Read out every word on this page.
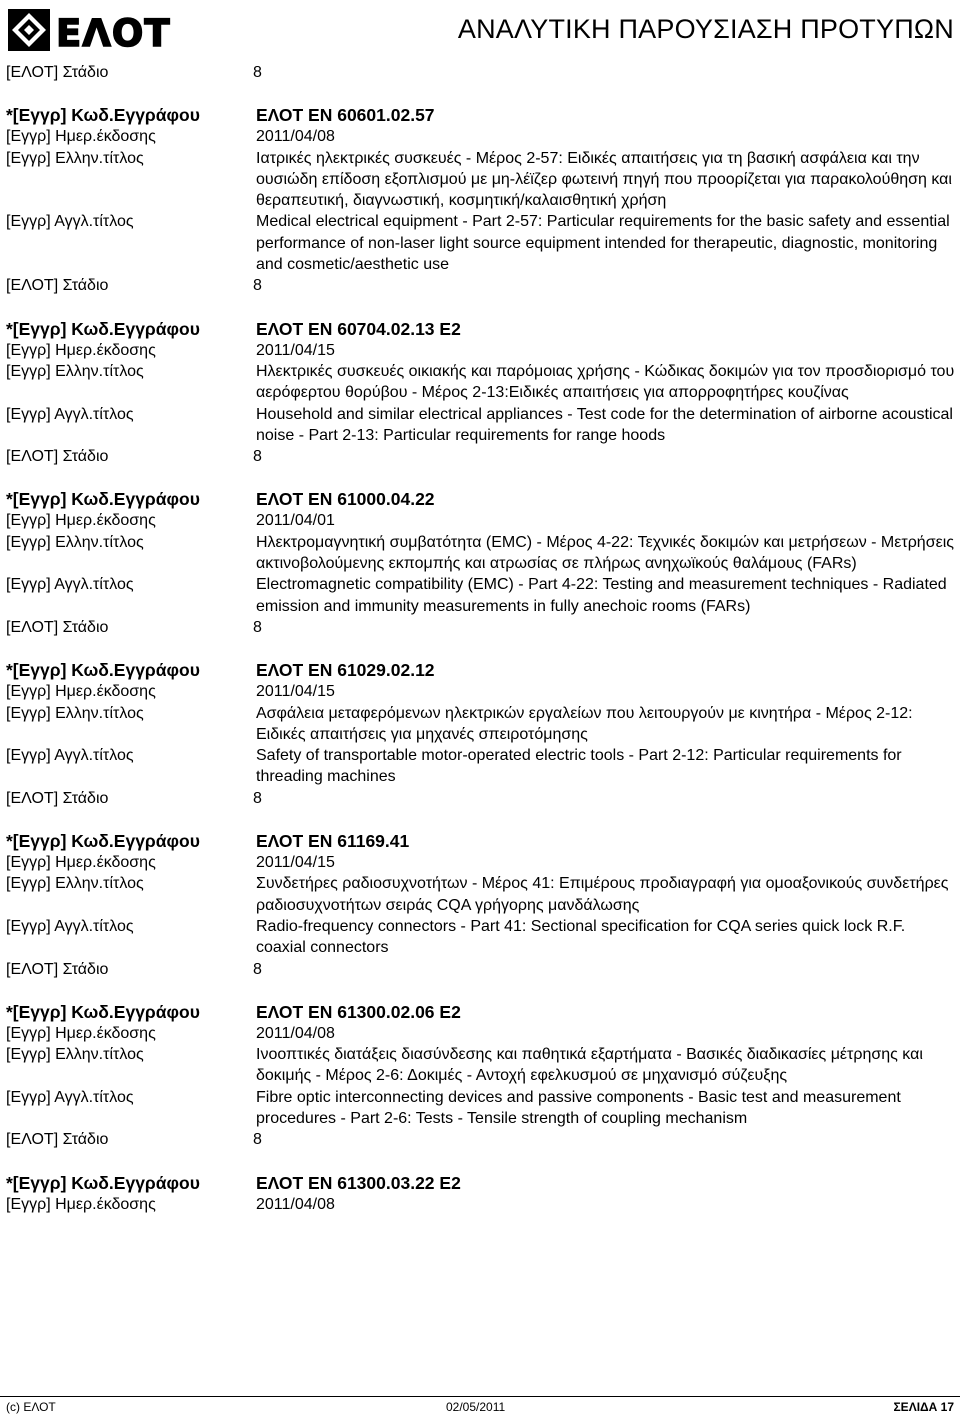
ΕΛΟΤ	ΑΝΑΛΥΤΙΚΗ ΠΑΡΟΥΣΙΑΣΗ ΠΡΟΤΥΠΩΝ
[ΕΛΟΤ] Στάδιο	8
*[Εγγρ] Κωδ.Εγγράφου	ΕΛΟΤ EN 60601.02.57
[Εγγρ] Ημερ.έκδοσης	2011/04/08
[Εγγρ] Ελλην.τίτλος	Ιατρικές ηλεκτρικές συσκευές - Μέρος 2-57: Ειδικές απαιτήσεις για τη βασική ασφάλεια και την ουσιώδη επίδοση εξοπλισμού με μη-λέϊζερ φωτεινή πηγή που προορίζεται για παρακολούθηση και θεραπευτική, διαγνωστική, κοσμητική/καλαισθητική χρήση
[Εγγρ] Αγγλ.τίτλος	Medical electrical equipment - Part 2-57: Particular requirements for the basic safety and essential performance of non-laser light source equipment intended for therapeutic, diagnostic, monitoring and cosmetic/aesthetic use
[ΕΛΟΤ] Στάδιο	8
*[Εγγρ] Κωδ.Εγγράφου	ΕΛΟΤ EN 60704.02.13 E2
[Εγγρ] Ημερ.έκδοσης	2011/04/15
[Εγγρ] Ελλην.τίτλος	Ηλεκτρικές συσκευές οικιακής και παρόμοιας χρήσης - Κώδικας δοκιμών για τον προσδιορισμό του αερόφερτου θορύβου - Μέρος 2-13:Ειδικές απαιτήσεις για απορροφητήρες κουζίνας
[Εγγρ] Αγγλ.τίτλος	Household and similar electrical appliances - Test code for the determination of airborne acoustical noise - Part 2-13: Particular requirements for range hoods
[ΕΛΟΤ] Στάδιο	8
*[Εγγρ] Κωδ.Εγγράφου	ΕΛΟΤ EN 61000.04.22
[Εγγρ] Ημερ.έκδοσης	2011/04/01
[Εγγρ] Ελλην.τίτλος	Ηλεκτρομαγνητική συμβατότητα (EMC) - Μέρος 4-22: Τεχνικές δοκιμών και μετρήσεων - Μετρήσεις ακτινοβολούμενης εκπομπής και ατρωσίας σε πλήρως ανηχωϊκούς θαλάμους (FARs)
[Εγγρ] Αγγλ.τίτλος	Electromagnetic compatibility (EMC) - Part 4-22: Testing and measurement techniques - Radiated emission and immunity measurements in fully anechoic rooms (FARs)
[ΕΛΟΤ] Στάδιο	8
*[Εγγρ] Κωδ.Εγγράφου	ΕΛΟΤ EN 61029.02.12
[Εγγρ] Ημερ.έκδοσης	2011/04/15
[Εγγρ] Ελλην.τίτλος	Ασφάλεια μεταφερόμενων ηλεκτρικών εργαλείων που λειτουργούν με κινητήρα - Μέρος 2-12: Ειδικές απαιτήσεις για μηχανές σπειροτόμησης
[Εγγρ] Αγγλ.τίτλος	Safety of transportable motor-operated electric tools - Part 2-12: Particular requirements for threading machines
[ΕΛΟΤ] Στάδιο	8
*[Εγγρ] Κωδ.Εγγράφου	ΕΛΟΤ EN 61169.41
[Εγγρ] Ημερ.έκδοσης	2011/04/15
[Εγγρ] Ελλην.τίτλος	Συνδετήρες ραδιοσυχνοτήτων - Μέρος 41: Επιμέρους προδιαγραφή για ομοαξονικούς συνδετήρες ραδιοσυχνοτήτων σειράς CQA γρήγορης μανδάλωσης
[Εγγρ] Αγγλ.τίτλος	Radio-frequency connectors - Part 41: Sectional specification for CQA series quick lock R.F. coaxial connectors
[ΕΛΟΤ] Στάδιο	8
*[Εγγρ] Κωδ.Εγγράφου	ΕΛΟΤ EN 61300.02.06 E2
[Εγγρ] Ημερ.έκδοσης	2011/04/08
[Εγγρ] Ελλην.τίτλος	Ινοοπτικές διατάξεις διασύνδεσης και παθητικά εξαρτήματα - Βασικές διαδικασίες μέτρησης και δοκιμής - Μέρος 2-6: Δοκιμές - Αντοχή εφελκυσμού σε μηχανισμό σύζευξης
[Εγγρ] Αγγλ.τίτλος	Fibre optic interconnecting devices and passive components - Basic test and measurement procedures - Part 2-6: Tests - Tensile strength of coupling mechanism
[ΕΛΟΤ] Στάδιο	8
*[Εγγρ] Κωδ.Εγγράφου	ΕΛΟΤ EN 61300.03.22 E2
[Εγγρ] Ημερ.έκδοσης	2011/04/08
(c) ΕΛΟΤ	02/05/2011	ΣΕΛΙΔΑ 17
